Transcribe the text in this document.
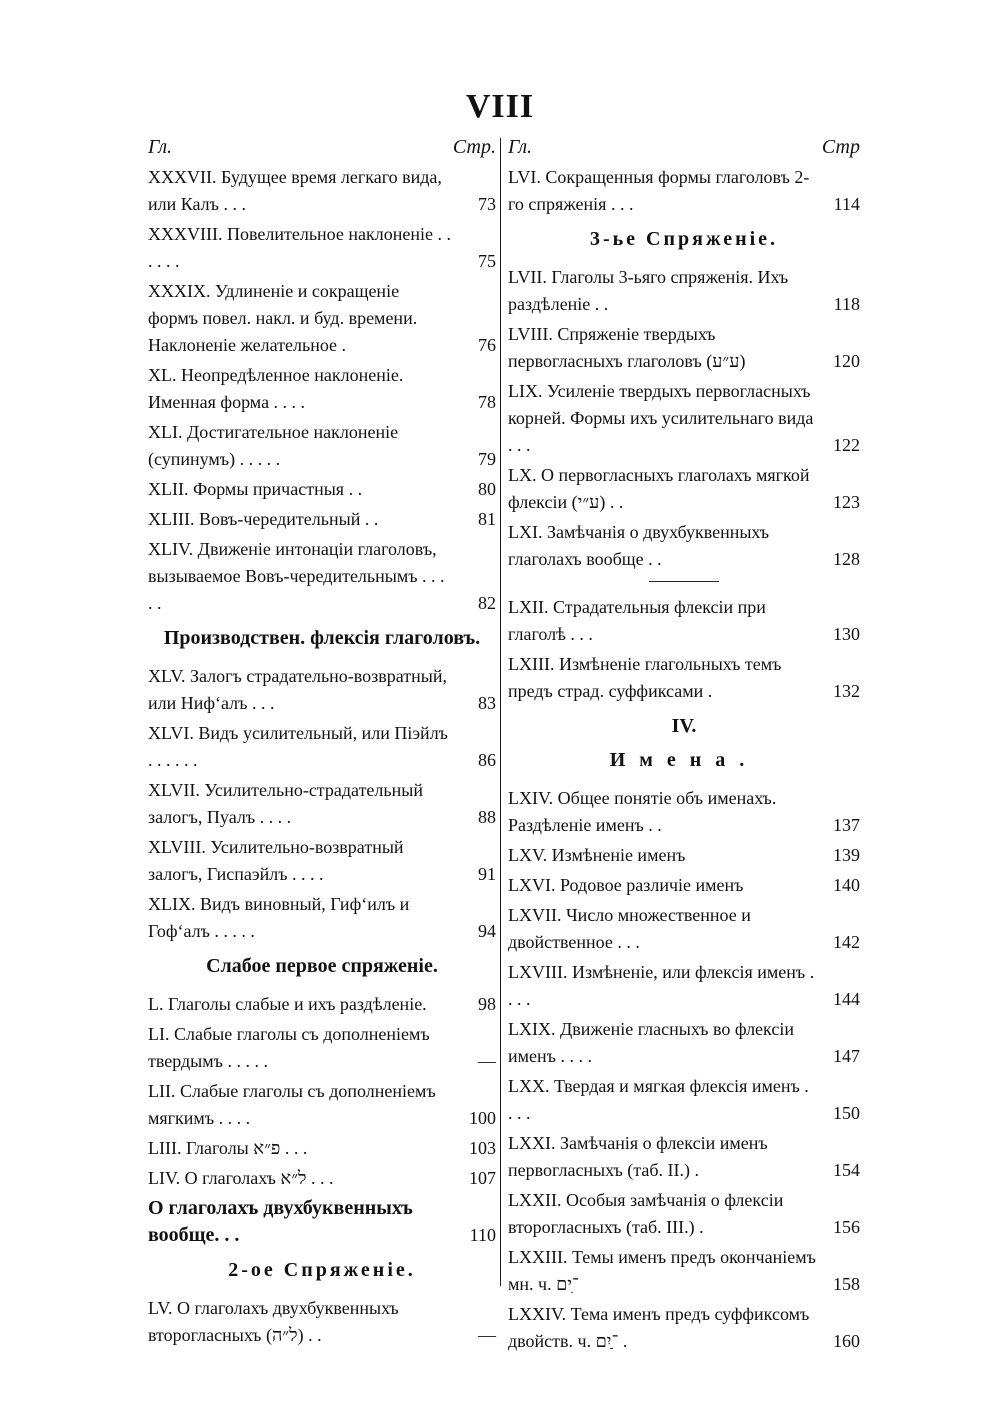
VIII
Гл.	Стр.
XXXVII. Будущее время легкаго вида, или Калъ . . .	73
XXXVIII. Повелительное наклоненіе . . . . . .	75
XXXIX. Удлиненіе и сокращеніе формъ повел. накл. и буд. времени. Наклоненіе желательное .	76
XL. Неопредѣленное наклоненіе. Именная форма . . . .	78
XLI. Достигательное наклоненіе (супинумъ) . . . . .	79
XLII. Формы причастныя . .	80
XLIII. Вовъ-чередительный . .	81
XLIV. Движеніе интонаціи глаголовъ, вызываемое Вовъ-чередительнымъ . . . . .	82
Производствен. флексія глаголовъ.
XLV. Залогъ страдательно-возвратный, или Нифʻалъ . . .	83
XLVI. Видъ усилительный, или Піэйлъ . . . . . .	86
XLVII. Усилительно-страдательный залогъ, Пуалъ . . . .	88
XLVIII. Усилительно-возвратный залогъ, Гиспаэйлъ . . . .	91
XLIX. Видъ виновный, Гифʻилъ и Гофʻалъ . . . . .	94
Слабое первое спряженіе.
L. Глаголы слабые и ихъ раздѣленіе.	98
LI. Слабые глаголы съ дополненіемъ твердымъ . . . . .	—
LII. Слабые глаголы съ дополненіемъ мягкимъ . . . .	100
LIII. Глаголы פ״א . . .	103
LIV. О глаголахъ ל״א . . .	107
О глаголахъ двухбуквенныхъ вообще. . .	110
2-ое Спряженіе.
LV. О глаголахъ двухбуквенныхъ второгласныхъ (ל״ה) . .	—
Гл.	Стр
LVI. Сокращенныя формы глаголовъ 2-го спряженія . . .	114
3-ье Спряженіе.
LVII. Глаголы 3-ьяго спряженія. Ихъ раздѣленіе . .	118
LVIII. Спряженіе твердыхъ первогласныхъ глаголовъ (ע״ע)	120
LIX. Усиленіе твердыхъ первогласныхъ корней. Формы ихъ усилительнаго вида . . .	122
LX. О первогласныхъ глаголахъ мягкой флексіи (ע״י) . .	123
LXI. Замѣчанія о двухбуквенныхъ глаголахъ вообще . .	128
LXII. Страдательныя флексіи при глаголѣ . . .	130
LXIII. Измѣненіе глагольныхъ темъ предъ страд. суффиксами .	132
IV.
Имена.
LXIV. Общее понятіе объ именахъ. Раздѣленіе именъ . .	137
LXV. Измѣненіе именъ	139
LXVI. Родовое различіе именъ	140
LXVII. Число множественное и двойственное . . .	142
LXVIII. Измѣненіе, или флексія именъ . . . .	144
LXIX. Движеніе гласныхъ во флексіи именъ . . . .	147
LXX. Твердая и мягкая флексія именъ . . . .	150
LXXI. Замѣчанія о флексіи именъ первогласныхъ (таб. II.) .	154
LXXII. Особыя замѣчанія о флексіи второгласныхъ (таб. III.) .	156
LXXIII. Темы именъ предъ окончаніемъ мн. ч. ־ִים	158
LXXIV. Тема именъ предъ суффиксомъ двойств. ч. ־ַיִם .	160
